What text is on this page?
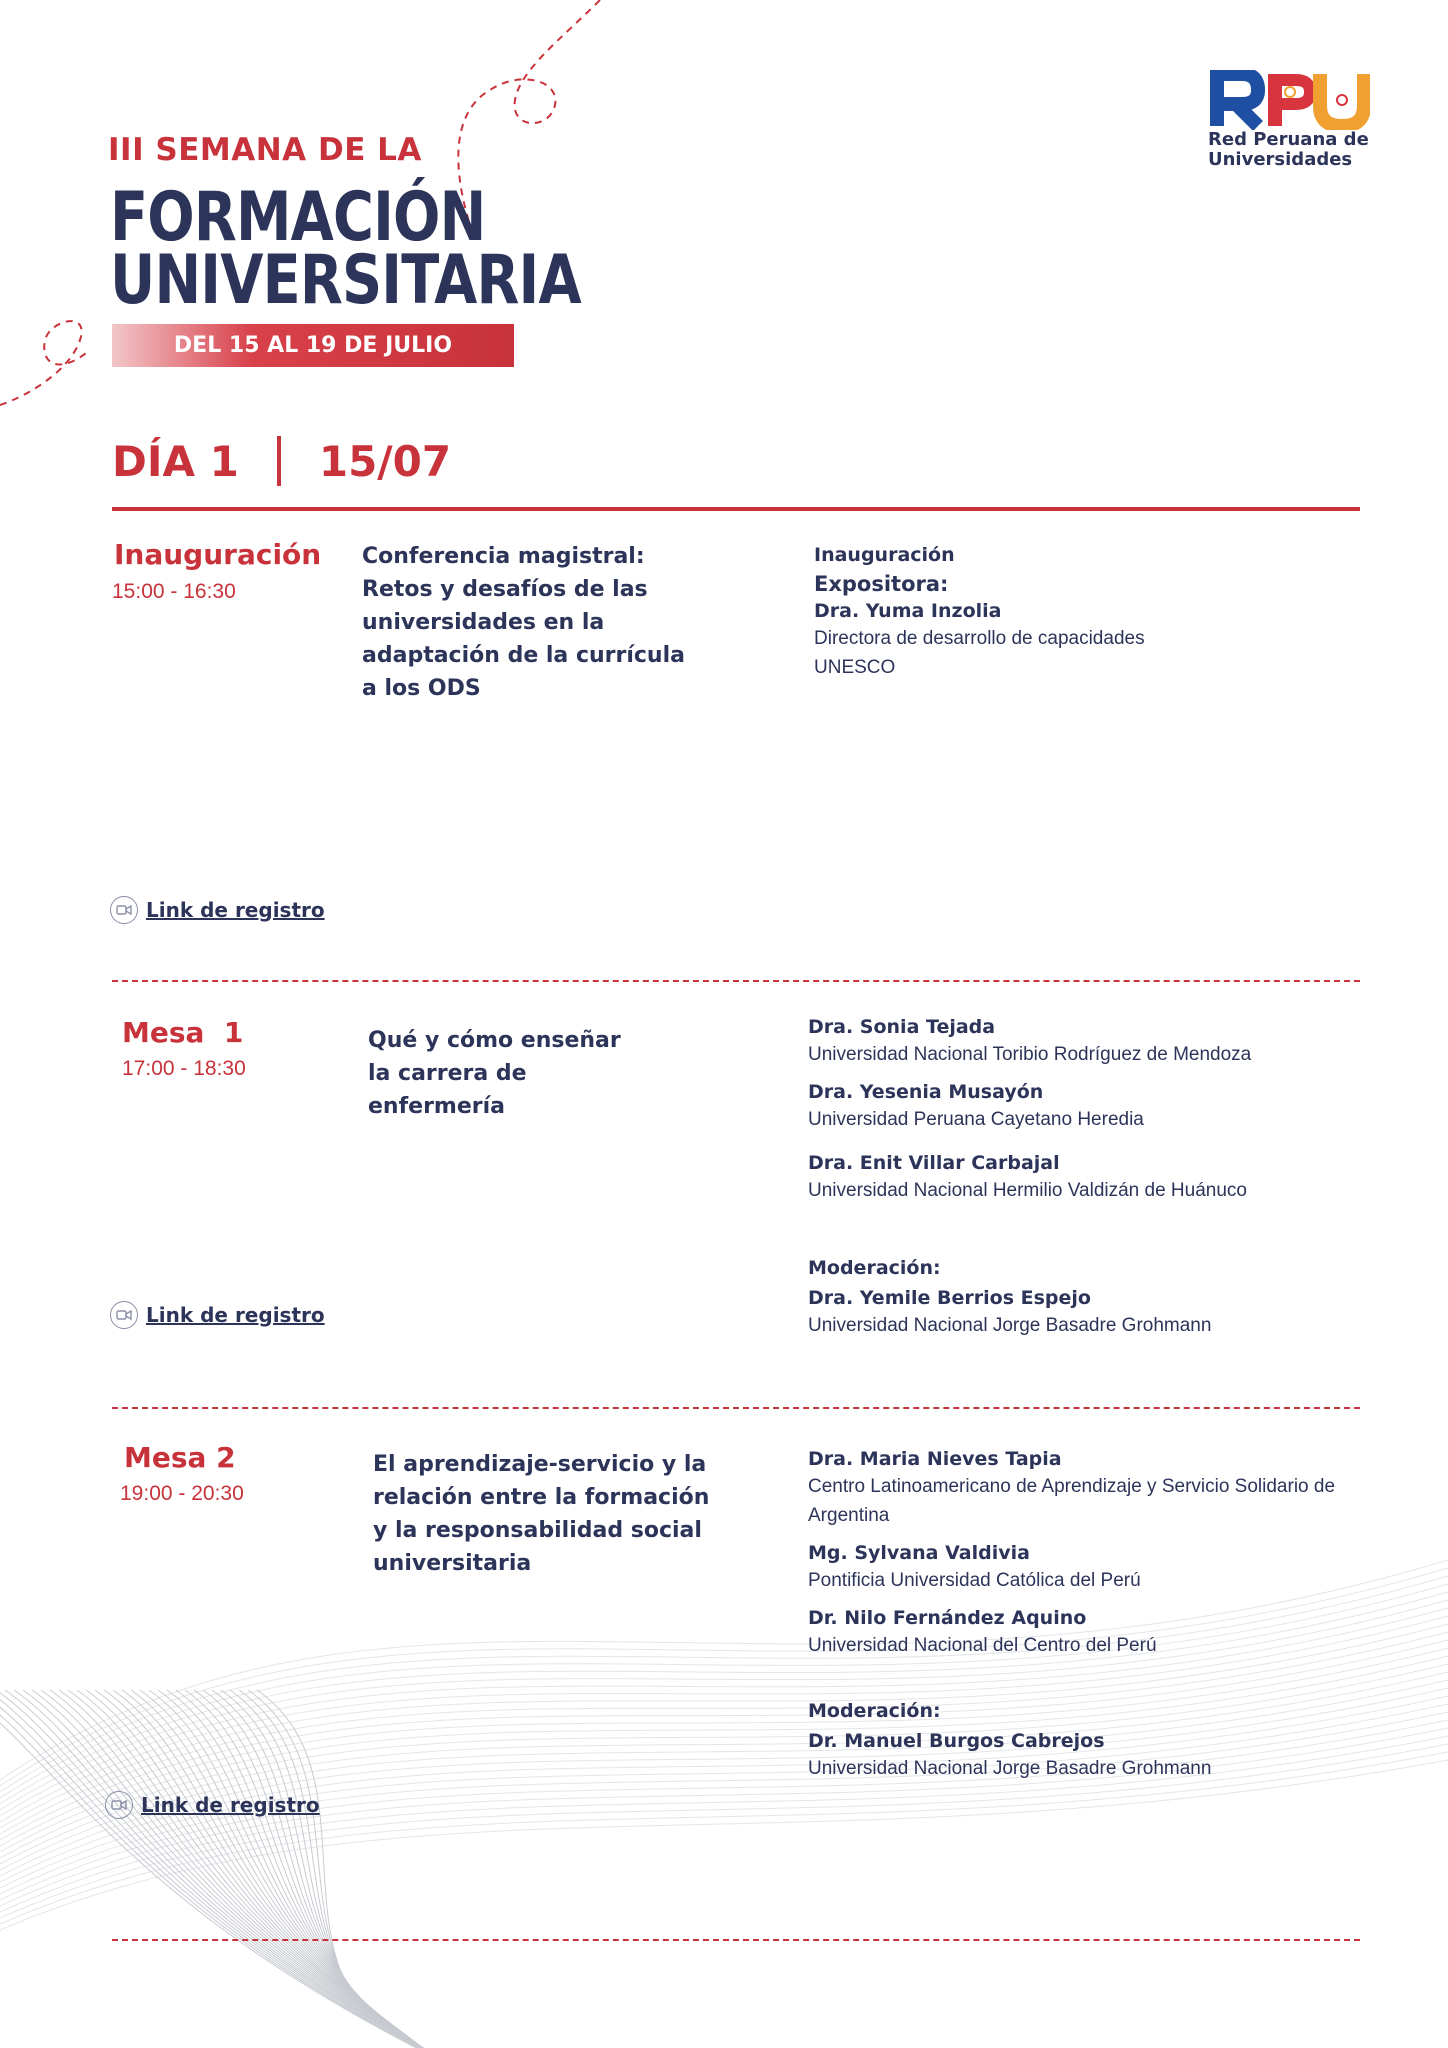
III SEMANA DE LA
FORMACIÓN
UNIVERSITARIA
DEL 15 AL 19 DE JULIO
Red Peruana de
Universidades
DÍA 1 15/07
Inauguración
15:00 - 16:30
Conferencia magistral: Retos y desafíos de las universidades en la adaptación de la currícula a los ODS
Inauguración
Expositora:
Dra. Yuma Inzolia
Directora de desarrollo de capacidades
UNESCO
Link de registro
Mesa  1
17:00 - 18:30
Qué y cómo enseñar la carrera de enfermería
Dra. Sonia Tejada
Universidad Nacional Toribio Rodríguez de Mendoza
Dra. Yesenia Musayón
Universidad Peruana Cayetano Heredia
Dra. Enit Villar Carbajal
Universidad Nacional Hermilio Valdizán de Huánuco
Moderación:
Dra. Yemile Berrios Espejo
Universidad Nacional Jorge Basadre Grohmann
Link de registro
Mesa 2
19:00 - 20:30
El aprendizaje-servicio y la relación entre la formación y la responsabilidad social universitaria
Dra. Maria Nieves Tapia
Centro Latinoamericano de Aprendizaje y Servicio Solidario de Argentina
Mg. Sylvana Valdivia
Pontificia Universidad Católica del Perú
Dr. Nilo Fernández Aquino
Universidad Nacional del Centro del Perú
Moderación:
Dr. Manuel Burgos Cabrejos
Universidad Nacional Jorge Basadre Grohmann
Link de registro
